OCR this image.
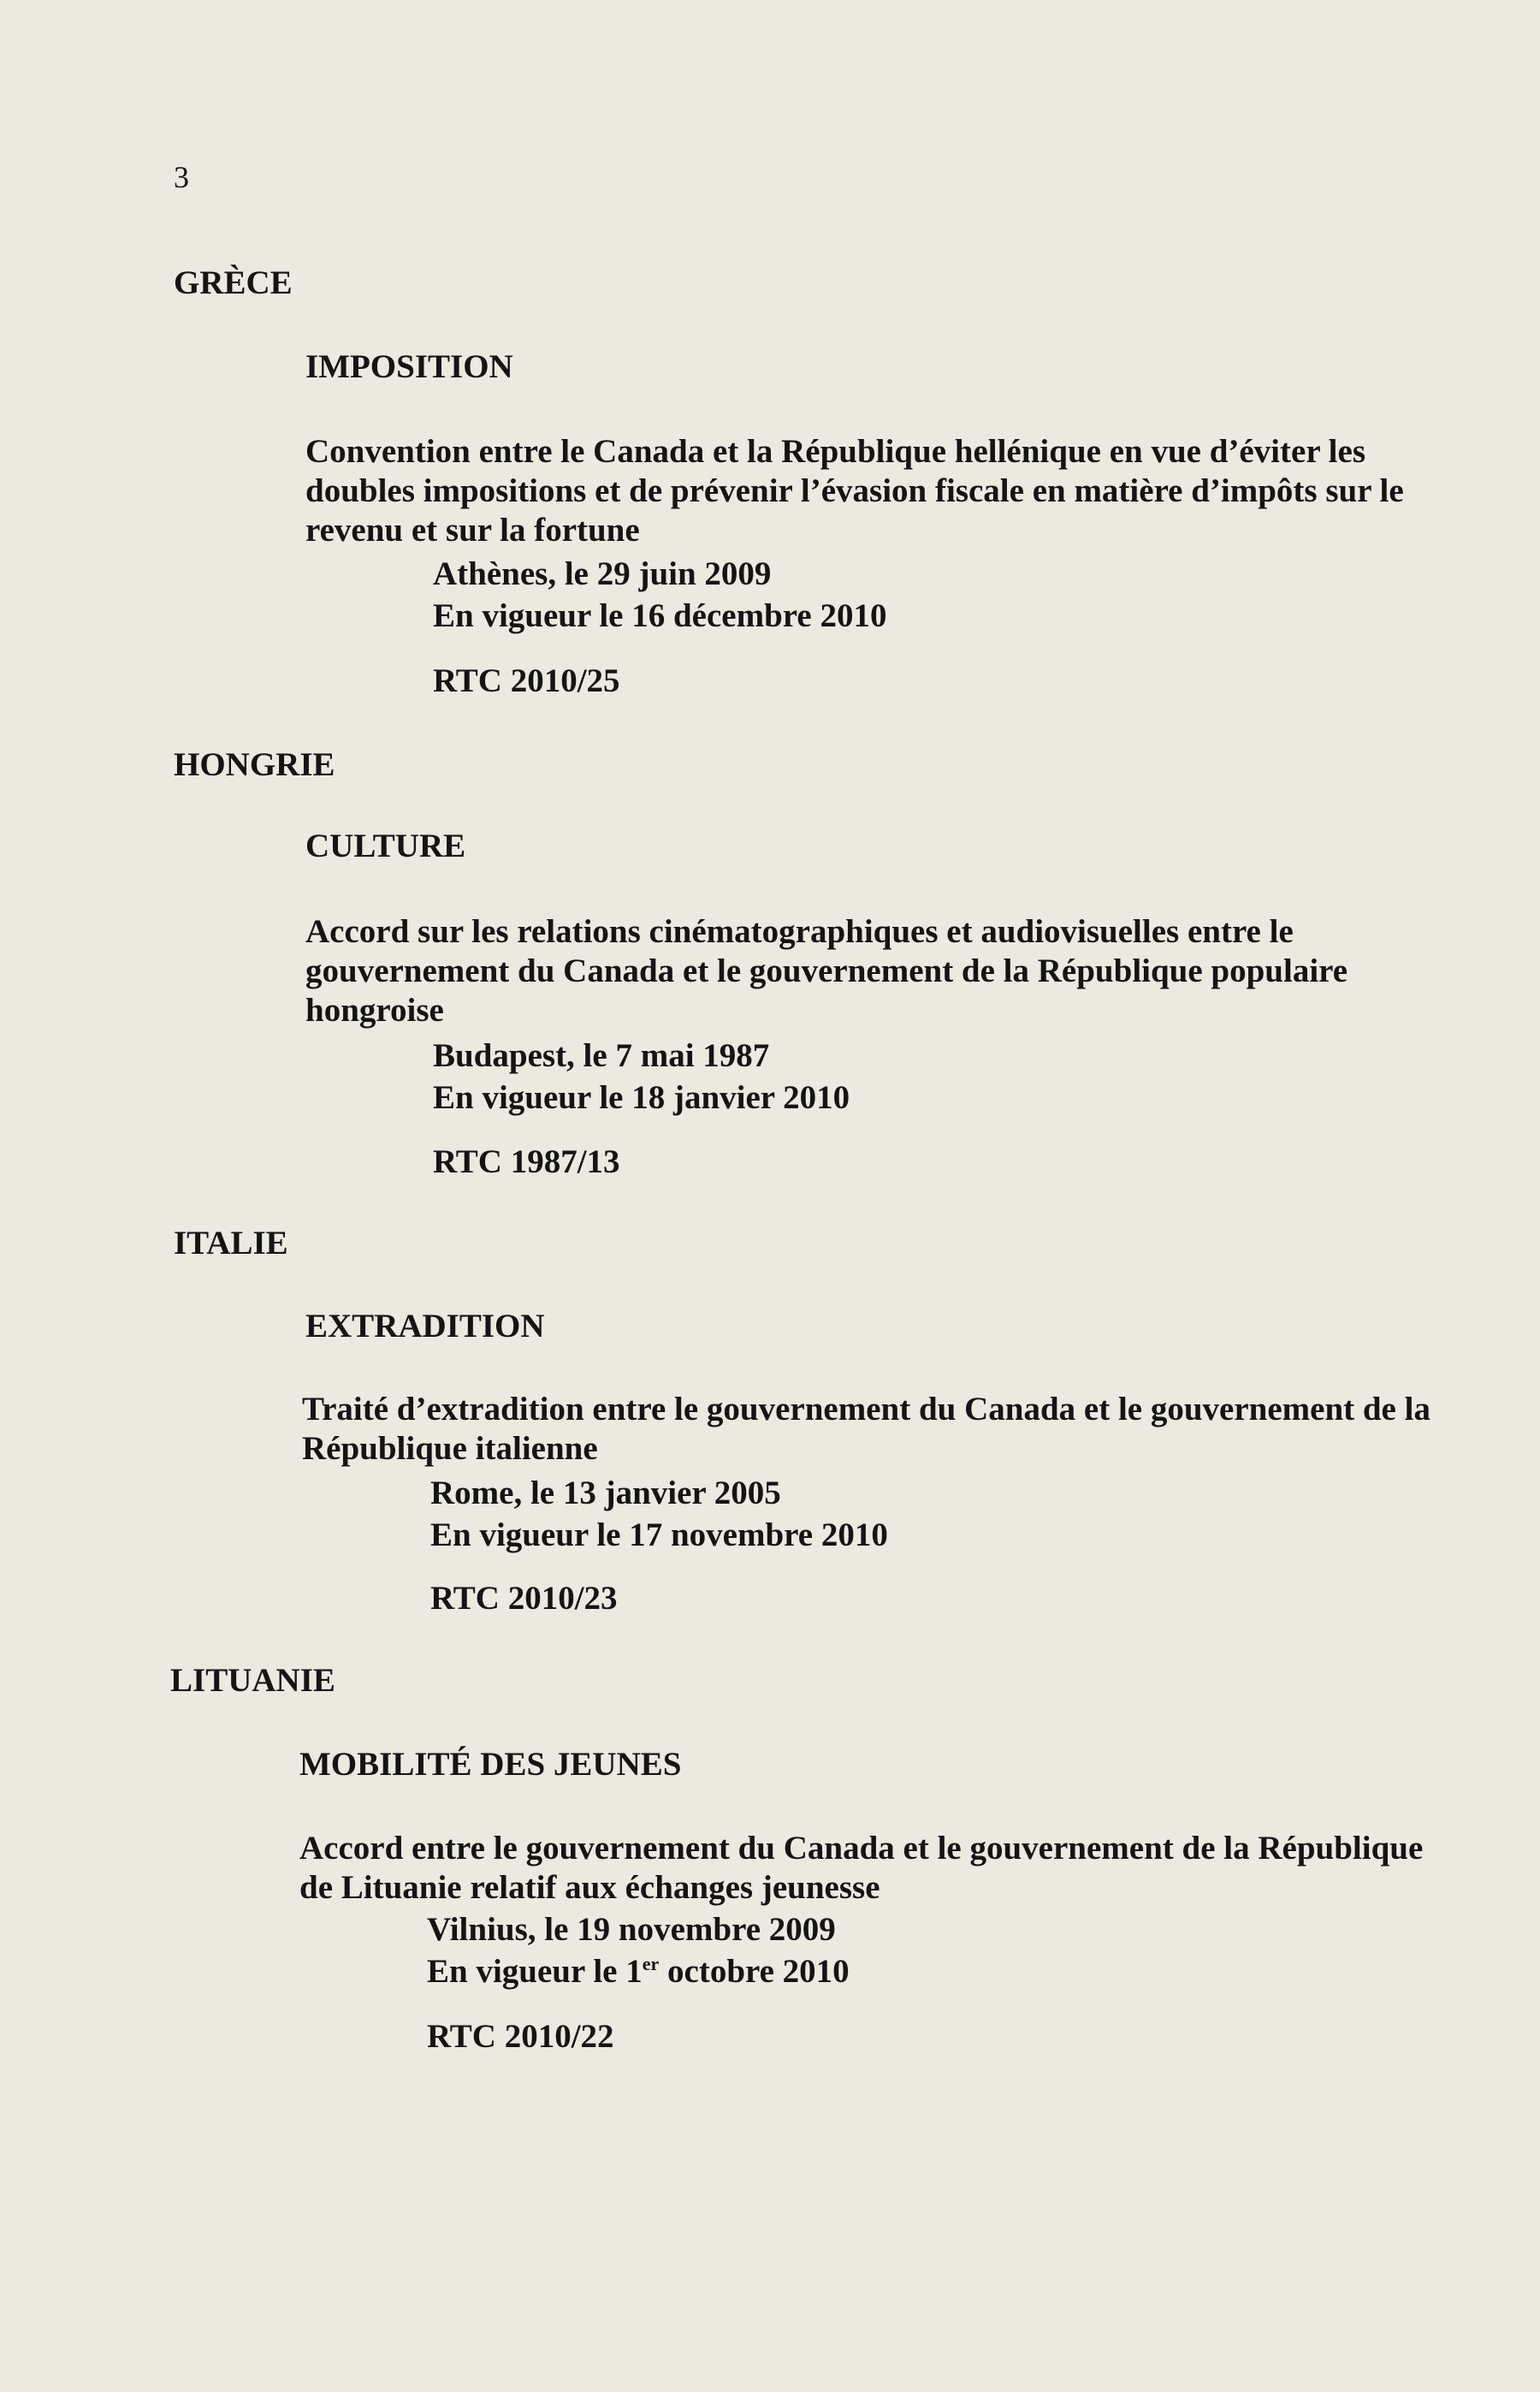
3
GRÈCE
IMPOSITION
Convention entre le Canada et la République hellénique en vue d’éviter les doubles impositions et de prévenir l’évasion fiscale en matière d’impôts sur le revenu et sur la fortune
Athènes, le 29 juin 2009
En vigueur le 16 décembre 2010
RTC 2010/25
HONGRIE
CULTURE
Accord sur les relations cinématographiques et audiovisuelles entre le gouvernement du Canada et le gouvernement de la République populaire hongroise
Budapest, le 7 mai 1987
En vigueur le 18 janvier 2010
RTC 1987/13
ITALIE
EXTRADITION
Traité d’extradition entre le gouvernement du Canada et le gouvernement de la République italienne
Rome, le 13 janvier 2005
En vigueur le 17 novembre 2010
RTC 2010/23
LITUANIE
MOBILITÉ DES JEUNES
Accord entre le gouvernement du Canada et le gouvernement de la République de Lituanie relatif aux échanges jeunesse
Vilnius, le 19 novembre 2009
En vigueur le 1er octobre 2010
RTC 2010/22
